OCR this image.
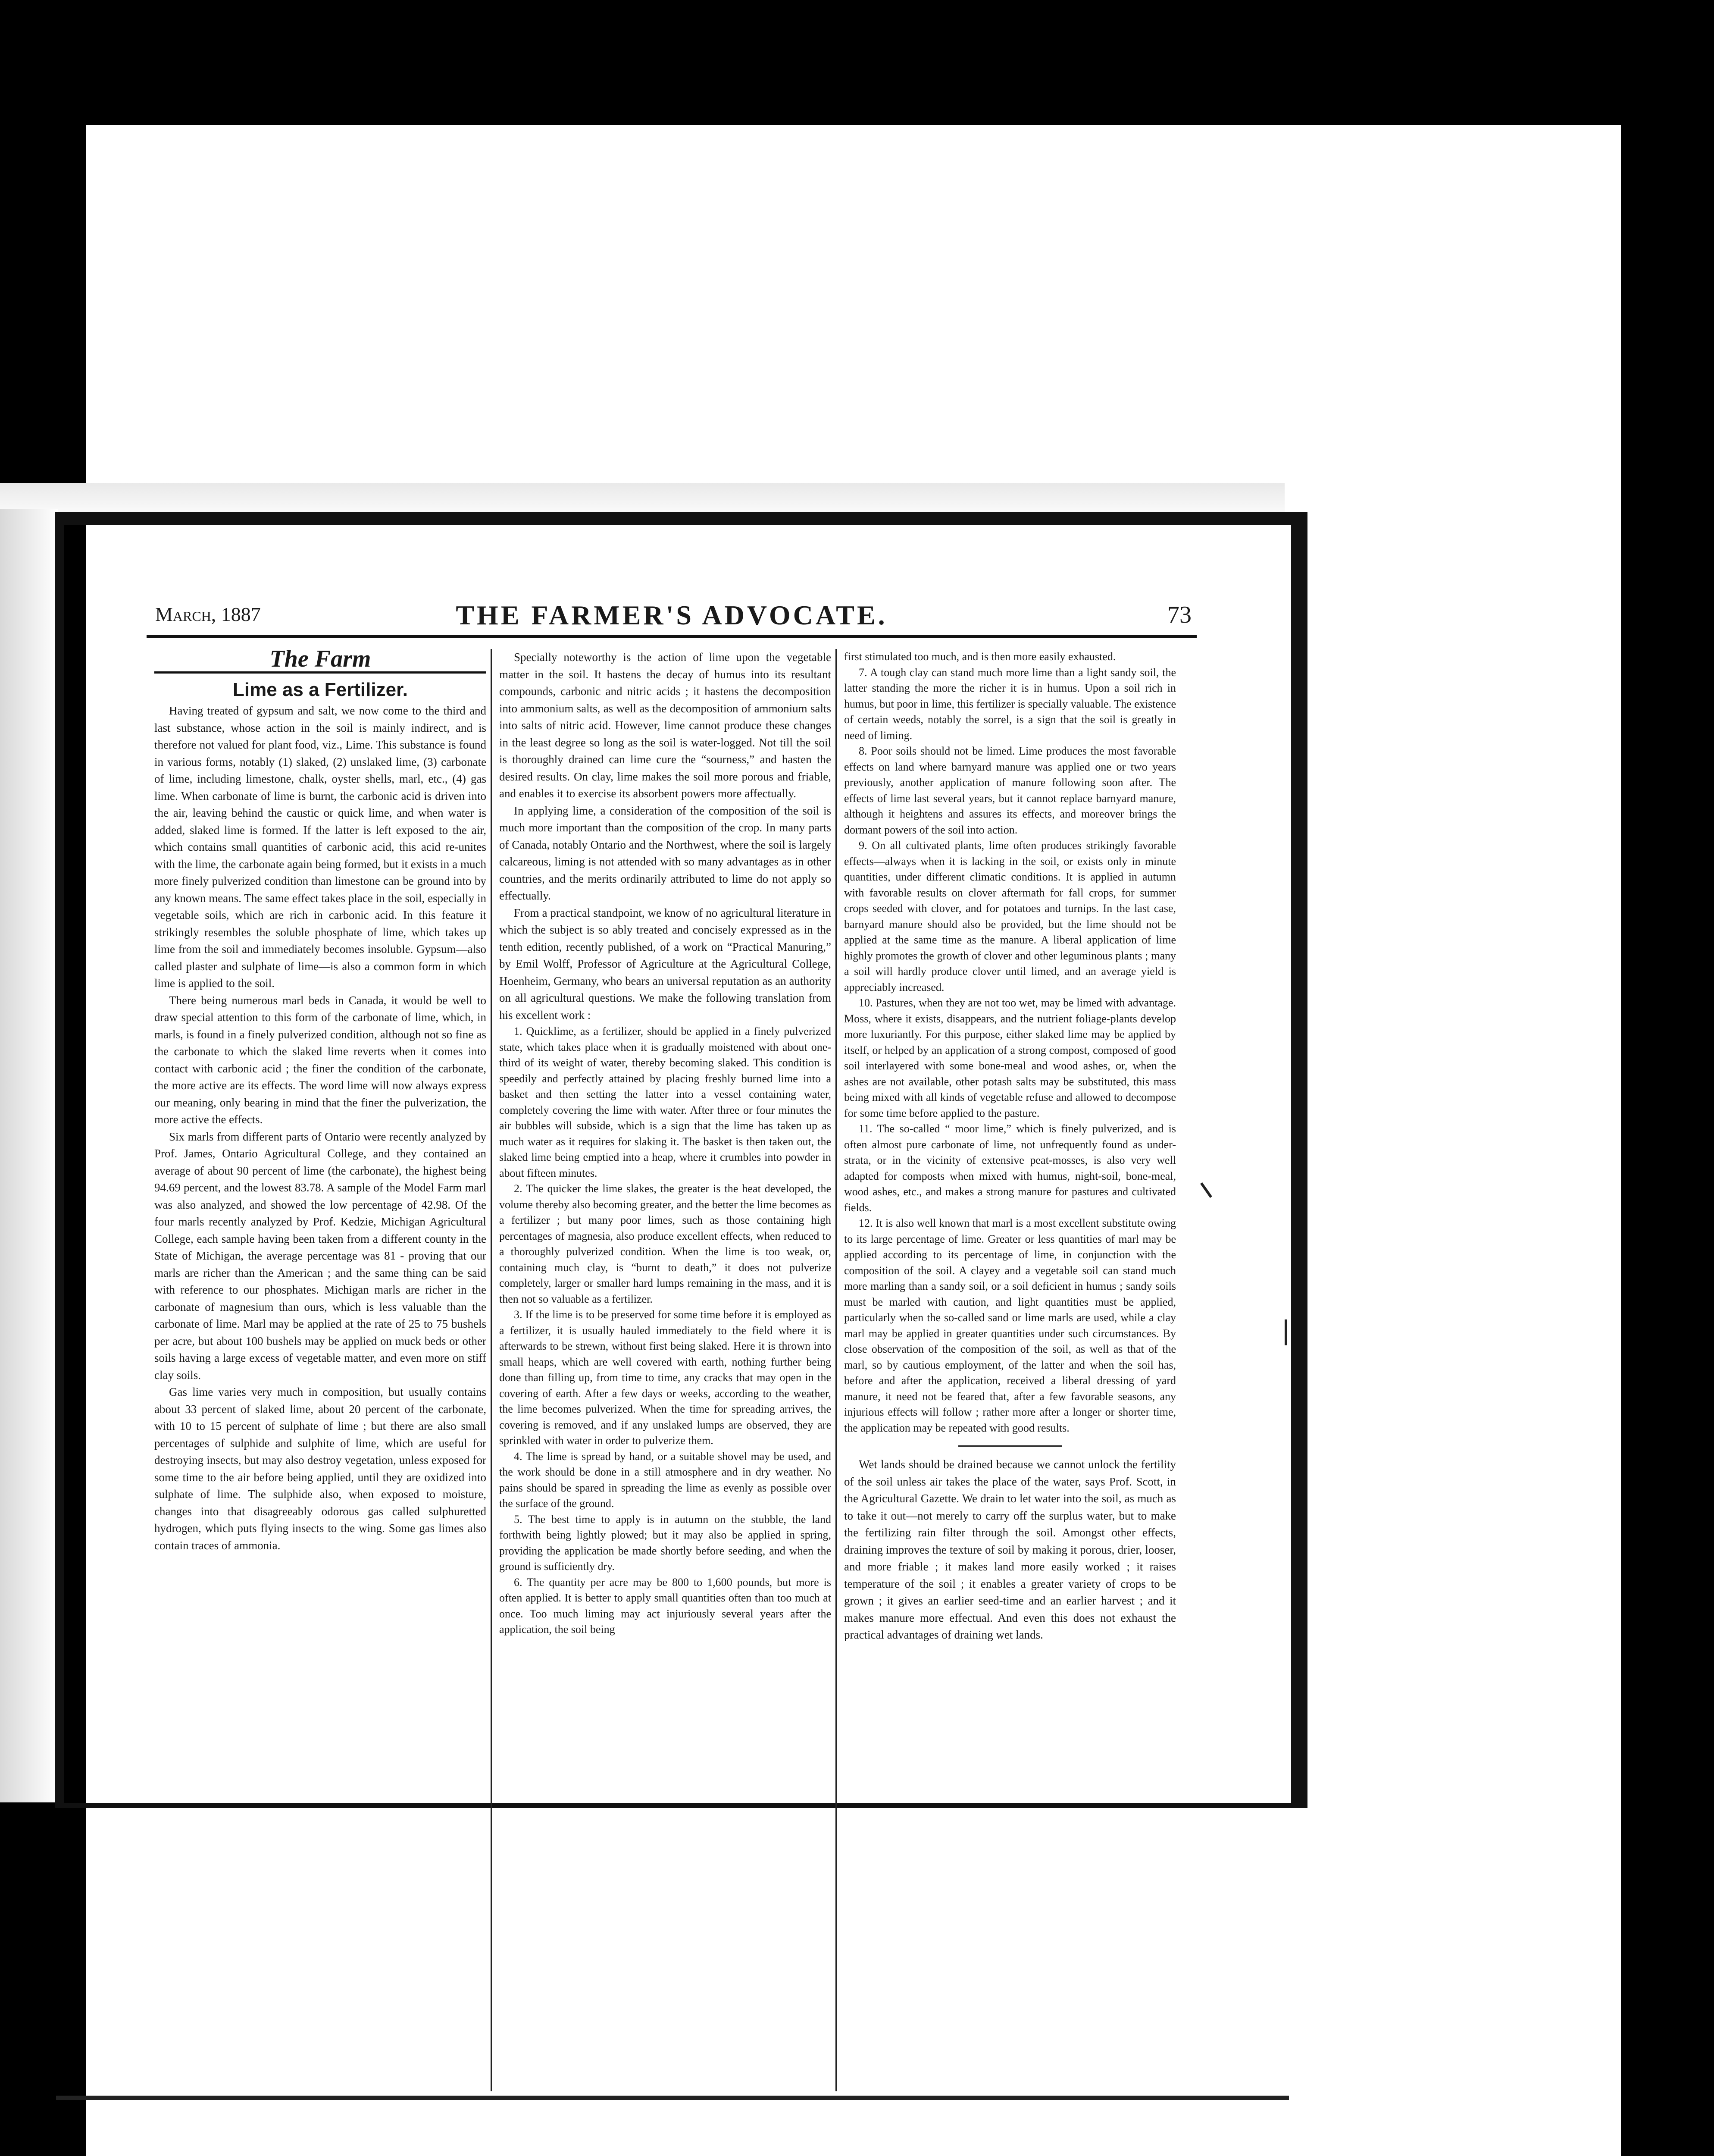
March, 1887	THE FARMER'S ADVOCATE.	73
The Farm
Lime as a Fertilizer.

Having treated of gypsum and salt, we now come to the third and last substance, whose action in the soil is mainly indirect, and is therefore not valued for plant food, viz., Lime. This substance is found in various forms, notably (1) slaked, (2) unslaked lime, (3) carbonate of lime, including limestone, chalk, oyster shells, marl, etc., (4) gas lime. When carbonate of lime is burnt, the carbonic acid is driven into the air, leaving behind the caustic or quick lime, and when water is added, slaked lime is formed. If the latter is left exposed to the air, which contains small quantities of carbonic acid, this acid re-unites with the lime, the carbonate again being formed, but it exists in a much more finely pulverized condition than limestone can be ground into by any known means. The same effect takes place in the soil, especially in vegetable soils, which are rich in carbonic acid. In this feature it strikingly resembles the soluble phosphate of lime, which takes up lime from the soil and immediately becomes insoluble. Gypsum—also called plaster and sulphate of lime—is also a common form in which lime is applied to the soil.

There being numerous marl beds in Canada, it would be well to draw special attention to this form of the carbonate of lime, which, in marls, is found in a finely pulverized condition, although not so fine as the carbonate to which the slaked lime reverts when it comes into contact with carbonic acid ; the finer the condition of the carbonate, the more active are its effects. The word lime will now always express our meaning, only bearing in mind that the finer the pulverization, the more active the effects.

Six marls from different parts of Ontario were recently analyzed by Prof. James, Ontario Agricultural College, and they contained an average of about 90 percent of lime (the carbonate), the highest being 94.69 percent, and the lowest 83.78. A sample of the Model Farm marl was also analyzed, and showed the low percentage of 42.98. Of the four marls recently analyzed by Prof. Kedzie, Michigan Agricultural College, each sample having been taken from a different county in the State of Michigan, the average percentage was 81 - proving that our marls are richer than the American ; and the same thing can be said with reference to our phosphates. Michigan marls are richer in the carbonate of magnesium than ours, which is less valuable than the carbonate of lime. Marl may be applied at the rate of 25 to 75 bushels per acre, but about 100 bushels may be applied on muck beds or other soils having a large excess of vegetable matter, and even more on stiff clay soils.

Gas lime varies very much in composition, but usually contains about 33 percent of slaked lime, about 20 percent of the carbonate, with 10 to 15 percent of sulphate of lime ; but there are also small percentages of sulphide and sulphite of lime, which are useful for destroying insects, but may also destroy vegetation, unless exposed for some time to the air before being applied, until they are oxidized into sulphate of lime. The sulphide also, when exposed to moisture, changes into that disagreeably odorous gas called sulphuretted hydrogen, which puts flying insects to the wing. Some gas limes also contain traces of ammonia.

Specially noteworthy is the action of lime upon the vegetable matter in the soil. It hastens the decay of humus into its resultant compounds, carbonic and nitric acids ; it hastens the decomposition into ammonium salts, as well as the decomposition of ammonium salts into salts of nitric acid. However, lime cannot produce these changes in the least degree so long as the soil is water-logged. Not till the soil is thoroughly drained can lime cure the “sourness,” and hasten the desired results. On clay, lime makes the soil more porous and friable, and enables it to exercise its absorbent powers more affectually.

In applying lime, a consideration of the composition of the soil is much more important than the composition of the crop. In many parts of Canada, notably Ontario and the Northwest, where the soil is largely calcareous, liming is not attended with so many advantages as in other countries, and the merits ordinarily attributed to lime do not apply so effectually.

From a practical standpoint, we know of no agricultural literature in which the subject is so ably treated and concisely expressed as in the tenth edition, recently published, of a work on “Practical Manuring,” by Emil Wolff, Professor of Agriculture at the Agricultural College, Hoenheim, Germany, who bears an universal reputation as an authority on all agricultural questions. We make the following translation from his excellent work :

1. Quicklime, as a fertilizer, should be applied in a finely pulverized state, which takes place when it is gradually moistened with about one-third of its weight of water, thereby becoming slaked. This condition is speedily and perfectly attained by placing freshly burned lime into a basket and then setting the latter into a vessel containing water, completely covering the lime with water. After three or four minutes the air bubbles will subside, which is a sign that the lime has taken up as much water as it requires for slaking it. The basket is then taken out, the slaked lime being emptied into a heap, where it crumbles into powder in about fifteen minutes.

2. The quicker the lime slakes, the greater is the heat developed, the volume thereby also becoming greater, and the better the lime becomes as a fertilizer ; but many poor limes, such as those containing high percentages of magnesia, also produce excellent effects, when reduced to a thoroughly pulverized condition. When the lime is too weak, or, containing much clay, is “burnt to death,” it does not pulverize completely, larger or smaller hard lumps remaining in the mass, and it is then not so valuable as a fertilizer.

3. If the lime is to be preserved for some time before it is employed as a fertilizer, it is usually hauled immediately to the field where it is afterwards to be strewn, without first being slaked. Here it is thrown into small heaps, which are well covered with earth, nothing further being done than filling up, from time to time, any cracks that may open in the covering of earth. After a few days or weeks, according to the weather, the lime becomes pulverized. When the time for spreading arrives, the covering is removed, and if any unslaked lumps are observed, they are sprinkled with water in order to pulverize them.

4. The lime is spread by hand, or a suitable shovel may be used, and the work should be done in a still atmosphere and in dry weather. No pains should be spared in spreading the lime as evenly as possible over the surface of the ground.

5. The best time to apply is in autumn on the stubble, the land forthwith being lightly plowed; but it may also be applied in spring, providing the application be made shortly before seeding, and when the ground is sufficiently dry.

6. The quantity per acre may be 800 to 1,600 pounds, but more is often applied. It is better to apply small quantities often than too much at once. Too much liming may act injuriously several years after the application, the soil being

first stimulated too much, and is then more easily exhausted.

7. A tough clay can stand much more lime than a light sandy soil, the latter standing the more the richer it is in humus. Upon a soil rich in humus, but poor in lime, this fertilizer is specially valuable. The existence of certain weeds, notably the sorrel, is a sign that the soil is greatly in need of liming.

8. Poor soils should not be limed. Lime produces the most favorable effects on land where barnyard manure was applied one or two years previously, another application of manure following soon after. The effects of lime last several years, but it cannot replace barnyard manure, although it heightens and assures its effects, and moreover brings the dormant powers of the soil into action.

9. On all cultivated plants, lime often produces strikingly favorable effects—always when it is lacking in the soil, or exists only in minute quantities, under different climatic conditions. It is applied in autumn with favorable results on clover aftermath for fall crops, for summer crops seeded with clover, and for potatoes and turnips. In the last case, barnyard manure should also be provided, but the lime should not be applied at the same time as the manure. A liberal application of lime highly promotes the growth of clover and other leguminous plants ; many a soil will hardly produce clover until limed, and an average yield is appreciably increased.

10. Pastures, when they are not too wet, may be limed with advantage. Moss, where it exists, disappears, and the nutrient foliage-plants develop more luxuriantly. For this purpose, either slaked lime may be applied by itself, or helped by an application of a strong compost, composed of good soil interlayered with some bone-meal and wood ashes, or, when the ashes are not available, other potash salts may be substituted, this mass being mixed with all kinds of vegetable refuse and allowed to decompose for some time before applied to the pasture.

11. The so-called “ moor lime,” which is finely pulverized, and is often almost pure carbonate of lime, not unfrequently found as under-strata, or in the vicinity of extensive peat-mosses, is also very well adapted for composts when mixed with humus, night-soil, bone-meal, wood ashes, etc., and makes a strong manure for pastures and cultivated fields.

12. It is also well known that marl is a most excellent substitute owing to its large percentage of lime. Greater or less quantities of marl may be applied according to its percentage of lime, in conjunction with the composition of the soil. A clayey and a vegetable soil can stand much more marling than a sandy soil, or a soil deficient in humus ; sandy soils must be marled with caution, and light quantities must be applied, particularly when the so-called sand or lime marls are used, while a clay marl may be applied in greater quantities under such circumstances. By close observation of the composition of the soil, as well as that of the marl, so by cautious employment, of the latter and when the soil has, before and after the application, received a liberal dressing of yard manure, it need not be feared that, after a few favorable seasons, any injurious effects will follow ; rather more after a longer or shorter time, the application may be repeated with good results.

Wet lands should be drained because we cannot unlock the fertility of the soil unless air takes the place of the water, says Prof. Scott, in the Agricultural Gazette. We drain to let water into the soil, as much as to take it out—not merely to carry off the surplus water, but to make the fertilizing rain filter through the soil. Amongst other effects, draining improves the texture of soil by making it porous, drier, looser, and more friable ; it makes land more easily worked ; it raises temperature of the soil ; it enables a greater variety of crops to be grown ; it gives an earlier seed-time and an earlier harvest ; and it makes manure more effectual. And even this does not exhaust the practical advantages of draining wet lands.
